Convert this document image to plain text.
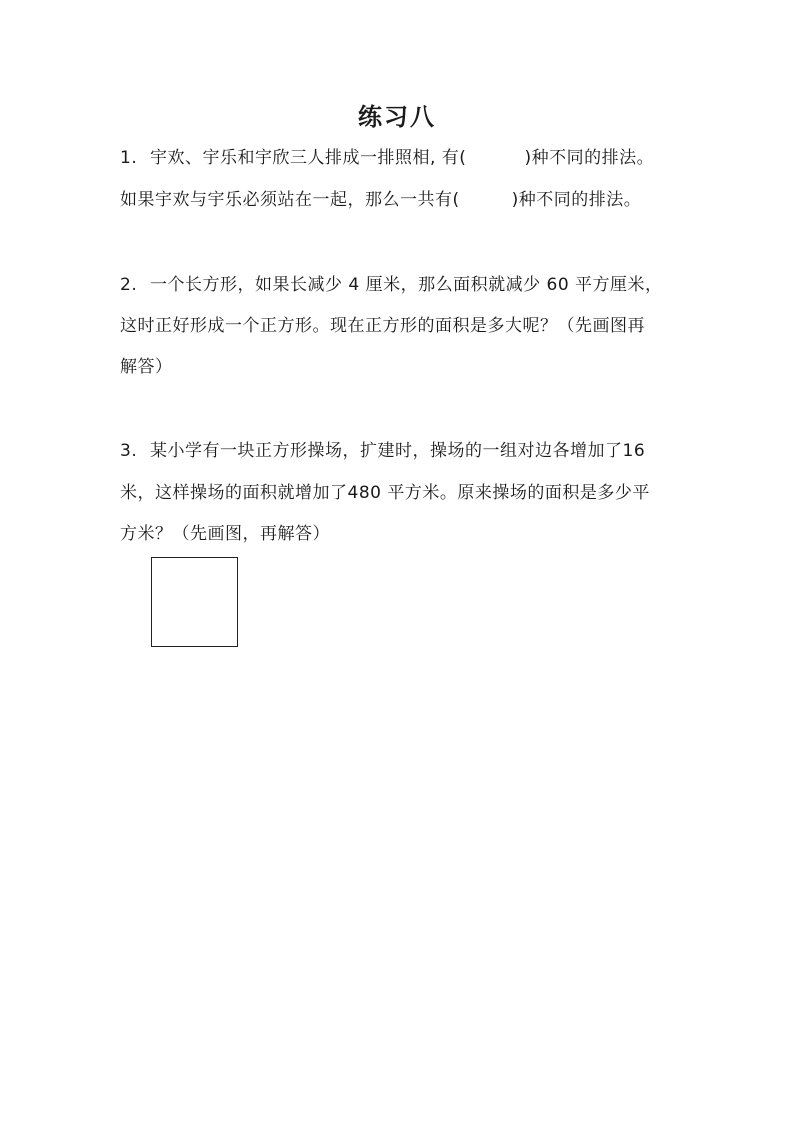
练习八
1. 宇欢、宇乐和宇欣三人排成一排照相, 有(	)种不同的排法。
如果宇欢与宇乐必须站在一起，那么一共有(	)种不同的排法。
2. 一个长方形，如果长减少 4 厘米，那么面积就减少 60 平方厘米，
这时正好形成一个正方形。现在正方形的面积是多大呢？（先画图再
解答）
3. 某小学有一块正方形操场，扩建时，操场的一组对边各增加了16
米，这样操场的面积就增加了480 平方米。原来操场的面积是多少平
方米？（先画图，再解答）
